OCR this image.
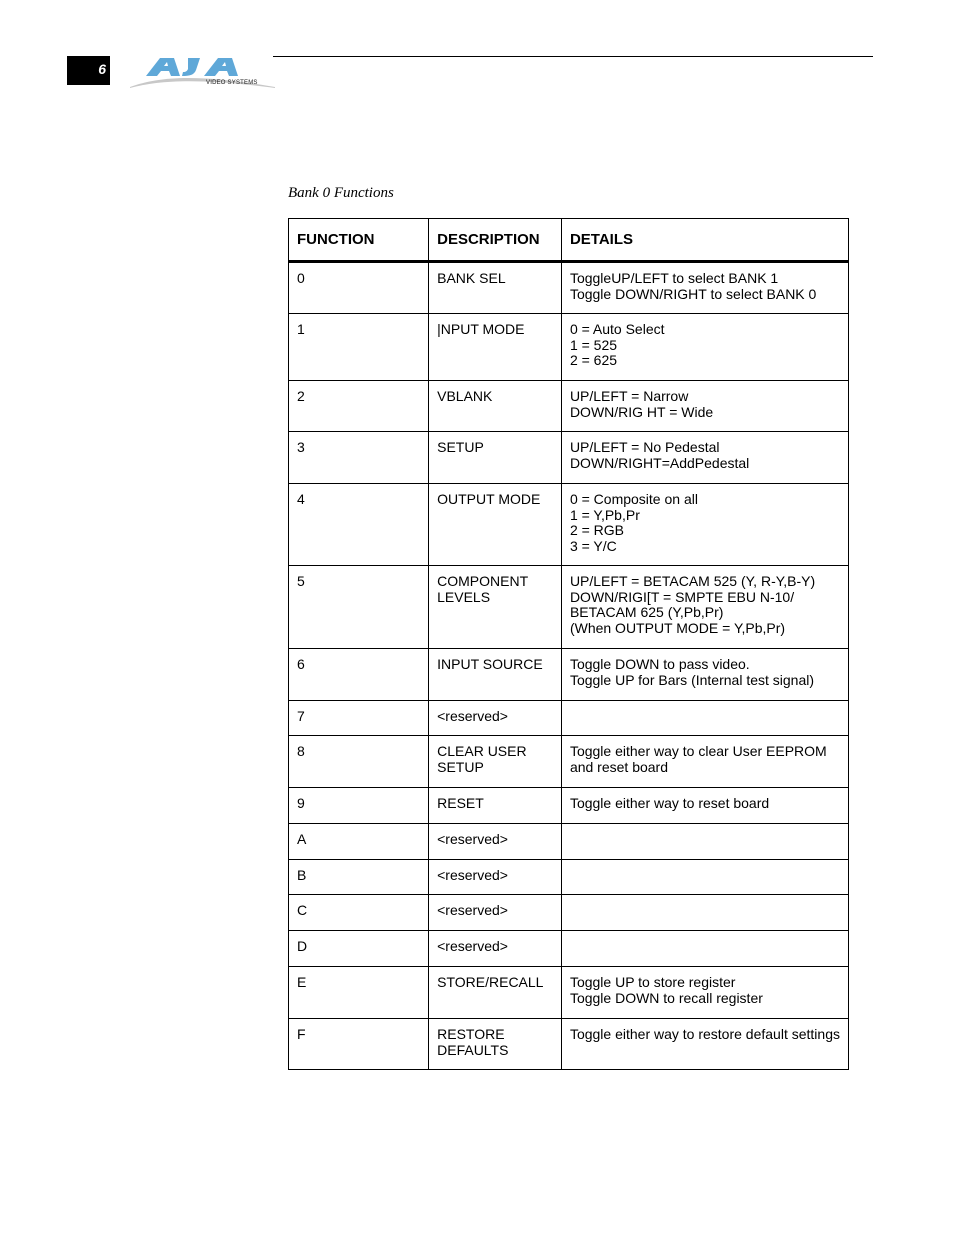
6
VIDEO SYSTEMS
Bank 0 Functions
FUNCTION	DESCRIPTION	DETAILS
0	BANK SEL	ToggleUP/LEFT to select BANK 1
Toggle DOWN/RIGHT to select BANK 0

1	|NPUT MODE	0 = Auto Select
1 = 525
2 = 625

2	VBLANK	UP/LEFT = Narrow
DOWN/RIG HT = Wide

3	SETUP	UP/LEFT = No Pedestal
DOWN/RIGHT=AddPedestal

4	OUTPUT MODE	0 = Composite on all
1 = Y,Pb,Pr
2 = RGB
3 = Y/C

5	COMPONENT
LEVELS	UP/LEFT = BETACAM 525 (Y, R-Y,B-Y)
DOWN/RIGI[T = SMPTE EBU N-10/
BETACAM 625 (Y,Pb,Pr)
(When OUTPUT MODE = Y,Pb,Pr)

6	INPUT SOURCE	Toggle DOWN to pass video.
Toggle UP for Bars (Internal test signal)

7	<reserved>	

8	CLEAR USER
SETUP	Toggle either way to clear User EEPROM
and reset board

9	RESET	Toggle either way to reset board

A	<reserved>	

B	<reserved>	

C	<reserved>	

D	<reserved>	

E	STORE/RECALL	Toggle UP to store register
Toggle DOWN to recall register

F	RESTORE
DEFAULTS	Toggle either way to restore default settings
